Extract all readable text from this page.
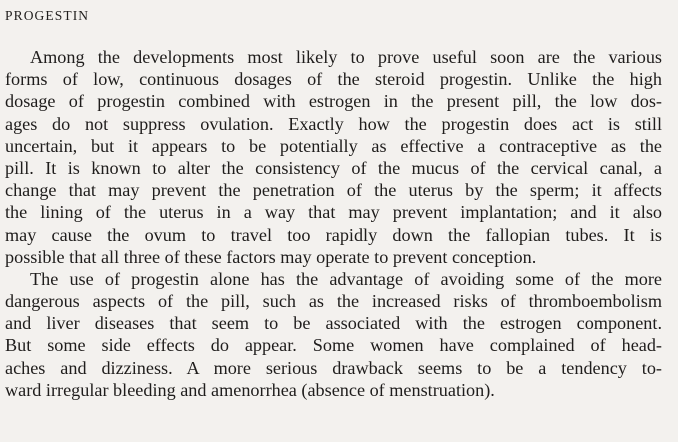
PROGESTIN
Among the developments most likely to prove useful soon are the various
forms of low, continuous dosages of the steroid progestin. Unlike the high
dosage of progestin combined with estrogen in the present pill, the low dos-
ages do not suppress ovulation. Exactly how the progestin does act is still
uncertain, but it appears to be potentially as effective a contraceptive as the
pill. It is known to alter the consistency of the mucus of the cervical canal, a
change that may prevent the penetration of the uterus by the sperm; it affects
the lining of the uterus in a way that may prevent implantation; and it also
may cause the ovum to travel too rapidly down the fallopian tubes. It is
possible that all three of these factors may operate to prevent conception.
The use of progestin alone has the advantage of avoiding some of the more
dangerous aspects of the pill, such as the increased risks of thromboembolism
and liver diseases that seem to be associated with the estrogen component.
But some side effects do appear. Some women have complained of head-
aches and dizziness. A more serious drawback seems to be a tendency to-
ward irregular bleeding and amenorrhea (absence of menstruation).
